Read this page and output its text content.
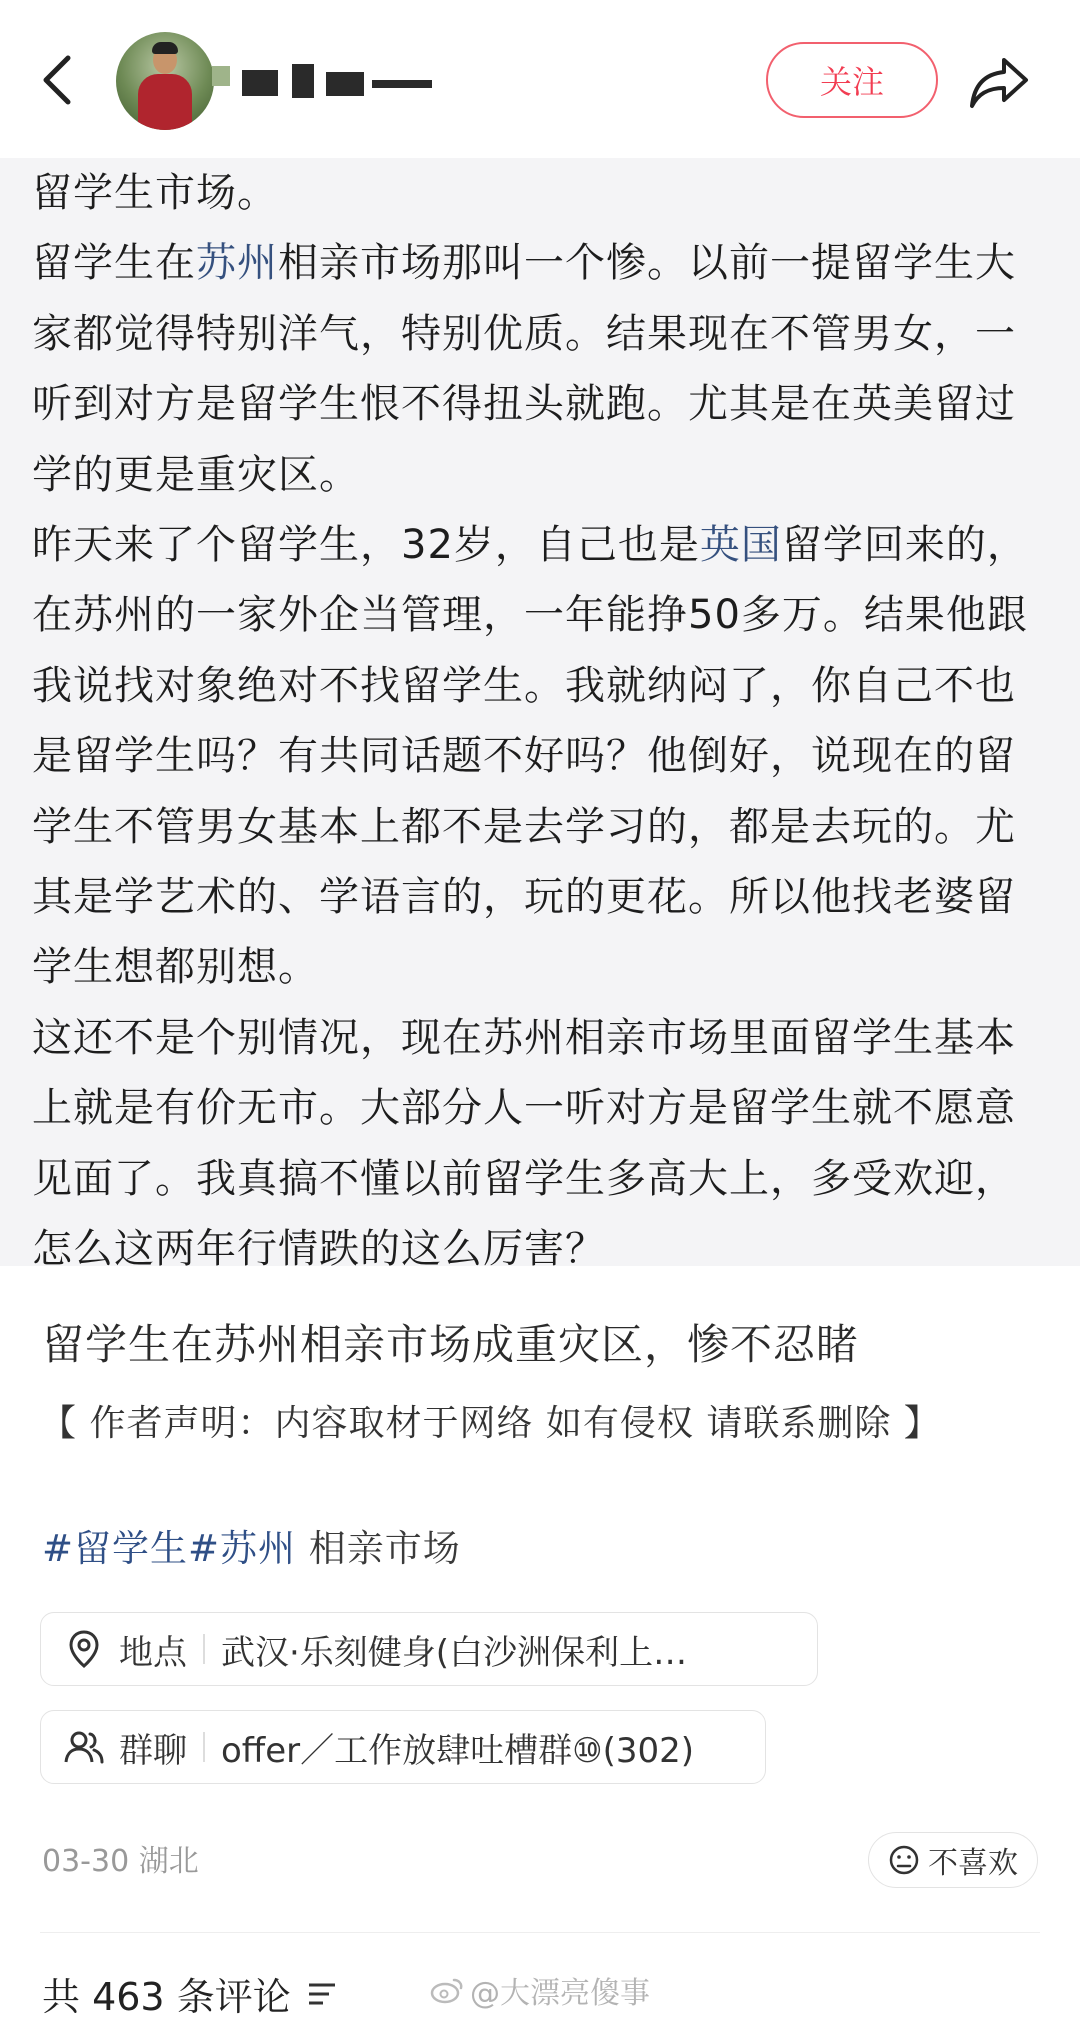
关注

留学生市场。

留学生在苏州相亲市场那叫一个惨。以前一提留学生大家都觉得特别洋气，特别优质。结果现在不管男女，一听到对方是留学生恨不得扭头就跑。尤其是在英美留过学的更是重灾区。

昨天来了个留学生，32岁，自己也是英国留学回来的，在苏州的一家外企当管理，一年能挣50多万。结果他跟我说找对象绝对不找留学生。我就纳闷了，你自己不也是留学生吗？有共同话题不好吗？他倒好，说现在的留学生不管男女基本上都不是去学习的，都是去玩的。尤其是学艺术的、学语言的，玩的更花。所以他找老婆留学生想都别想。

这还不是个别情况，现在苏州相亲市场里面留学生基本上就是有价无市。大部分人一听对方是留学生就不愿意见面了。我真搞不懂以前留学生多高大上，多受欢迎，怎么这两年行情跌的这么厉害？

留学生在苏州相亲市场成重灾区，惨不忍睹
【 作者声明：内容取材于网络 如有侵权 请联系删除 】
#留学生#苏州 相亲市场
地点 武汉·乐刻健身(白沙洲保利上…
群聊 offer／工作放肆吐槽群⑩(302)
03-30 湖北	不喜欢
共 463 条评论	@大漂亮傻事
